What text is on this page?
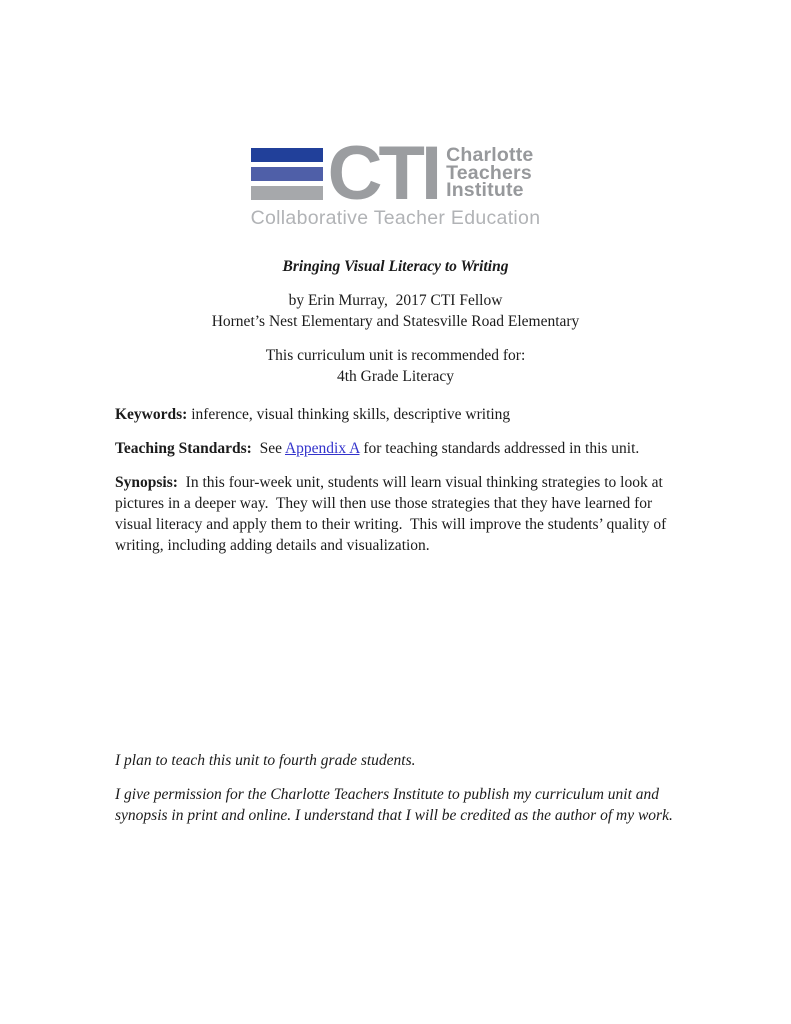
CTI Charlotte
Teachers
Institute
Collaborative Teacher Education
Bringing Visual Literacy to Writing
by Erin Murray,  2017 CTI Fellow
Hornet’s Nest Elementary and Statesville Road Elementary
This curriculum unit is recommended for:
4th Grade Literacy

Keywords: inference, visual thinking skills, descriptive writing

Teaching Standards:  See Appendix A for teaching standards addressed in this unit.

Synopsis:  In this four-week unit, students will learn visual thinking strategies to look at pictures in a deeper way.  They will then use those strategies that they have learned for visual literacy and apply them to their writing.  This will improve the students’ quality of writing, including adding details and visualization.

I plan to teach this unit to fourth grade students.

I give permission for the Charlotte Teachers Institute to publish my curriculum unit and synopsis in print and online. I understand that I will be credited as the author of my work.
